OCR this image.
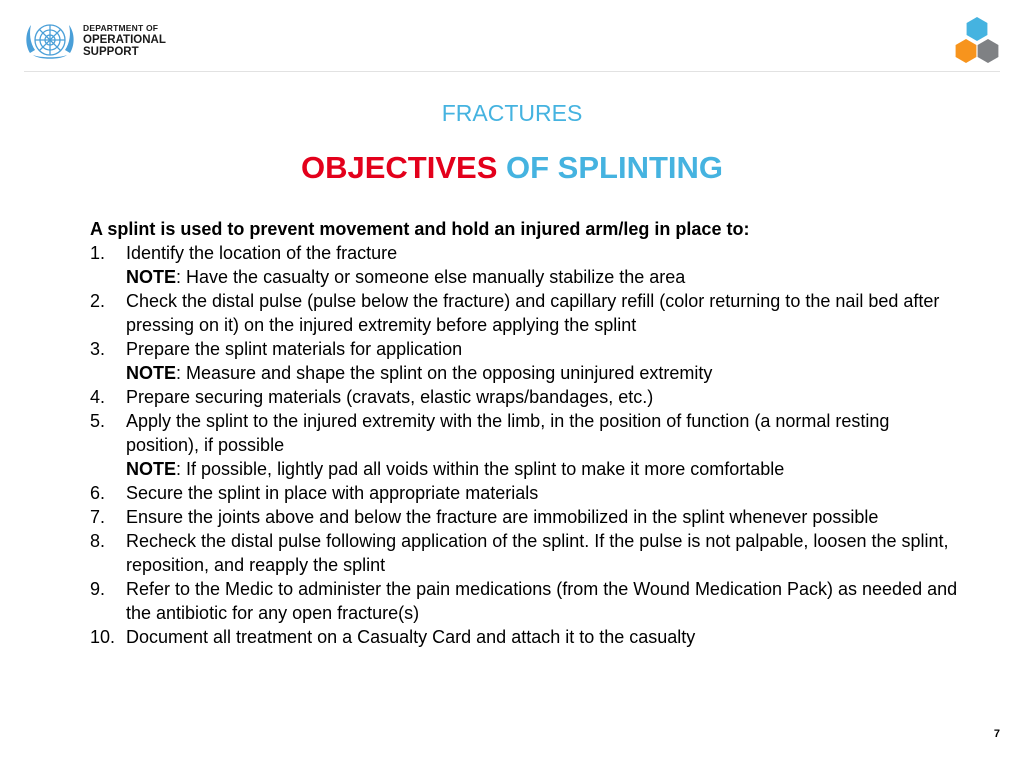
DEPARTMENT OF
OPERATIONAL
SUPPORT
FRACTURES
OBJECTIVES OF SPLINTING
A splint is used to prevent movement and hold an injured arm/leg in place to:
1. Identify the location of the fracture
NOTE: Have the casualty or someone else manually stabilize the area
2. Check the distal pulse (pulse below the fracture) and capillary refill (color returning to the nail bed after pressing on it) on the injured extremity before applying the splint
3. Prepare the splint materials for application
NOTE: Measure and shape the splint on the opposing uninjured extremity
4. Prepare securing materials (cravats, elastic wraps/bandages, etc.)
5. Apply the splint to the injured extremity with the limb, in the position of function (a normal resting position), if possible
NOTE: If possible, lightly pad all voids within the splint to make it more comfortable
6. Secure the splint in place with appropriate materials
7. Ensure the joints above and below the fracture are immobilized in the splint whenever possible
8. Recheck the distal pulse following application of the splint. If the pulse is not palpable, loosen the splint, reposition, and reapply the splint
9. Refer to the Medic to administer the pain medications (from the Wound Medication Pack) as needed and the antibiotic for any open fracture(s)
10. Document all treatment on a Casualty Card and attach it to the casualty
7
